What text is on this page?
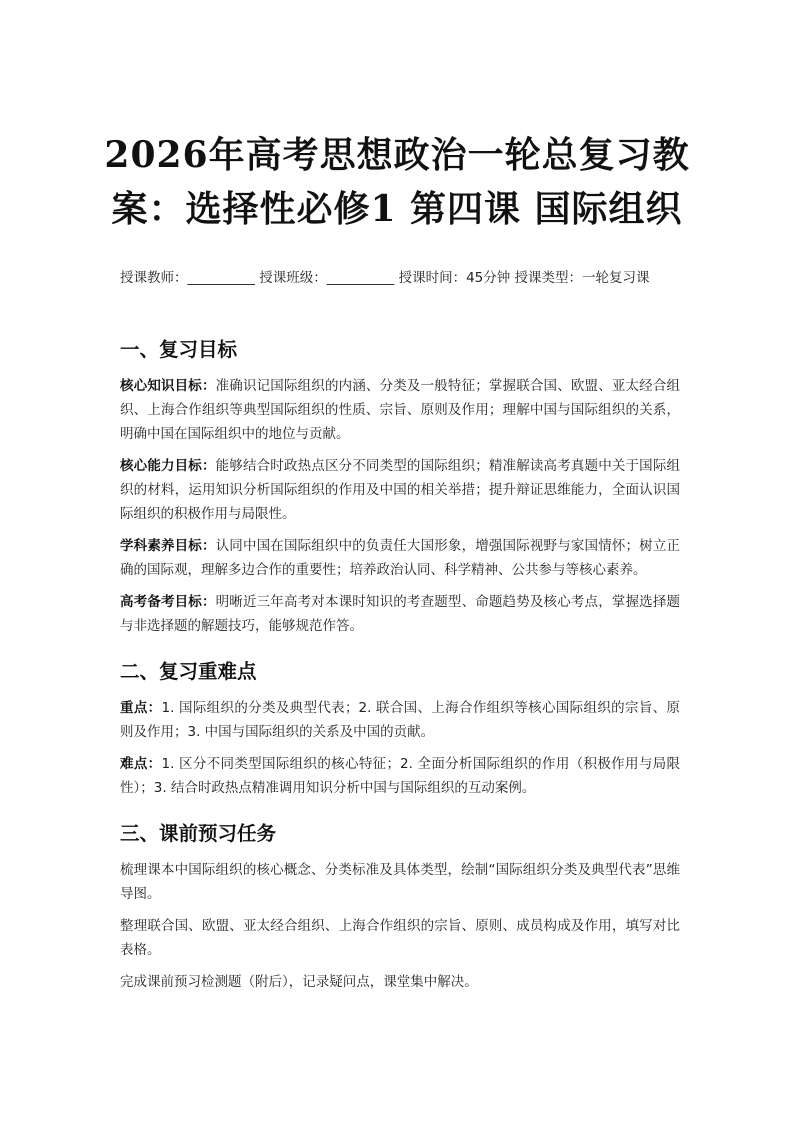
2026年高考思想政治一轮总复习教
案：选择性必修1 第四课 国际组织
授课教师：__________ 授课班级：__________ 授课时间：45分钟 授课类型：一轮复习课
一、复习目标

核心知识目标：准确识记国际组织的内涵、分类及一般特征；掌握联合国、欧盟、亚太经合组织、上海合作组织等典型国际组织的性质、宗旨、原则及作用；理解中国与国际组织的关系，明确中国在国际组织中的地位与贡献。

核心能力目标：能够结合时政热点区分不同类型的国际组织；精准解读高考真题中关于国际组织的材料，运用知识分析国际组织的作用及中国的相关举措；提升辩证思维能力，全面认识国际组织的积极作用与局限性。

学科素养目标：认同中国在国际组织中的负责任大国形象，增强国际视野与家国情怀；树立正确的国际观，理解多边合作的重要性；培养政治认同、科学精神、公共参与等核心素养。

高考备考目标：明晰近三年高考对本课时知识的考查题型、命题趋势及核心考点，掌握选择题与非选择题的解题技巧，能够规范作答。

二、复习重难点

重点：1. 国际组织的分类及典型代表；2. 联合国、上海合作组织等核心国际组织的宗旨、原则及作用；3. 中国与国际组织的关系及中国的贡献。

难点：1. 区分不同类型国际组织的核心特征；2. 全面分析国际组织的作用（积极作用与局限性）；3. 结合时政热点精准调用知识分析中国与国际组织的互动案例。

三、课前预习任务

梳理课本中国际组织的核心概念、分类标准及具体类型，绘制“国际组织分类及典型代表”思维导图。

整理联合国、欧盟、亚太经合组织、上海合作组织的宗旨、原则、成员构成及作用，填写对比表格。

完成课前预习检测题（附后），记录疑问点，课堂集中解决。
